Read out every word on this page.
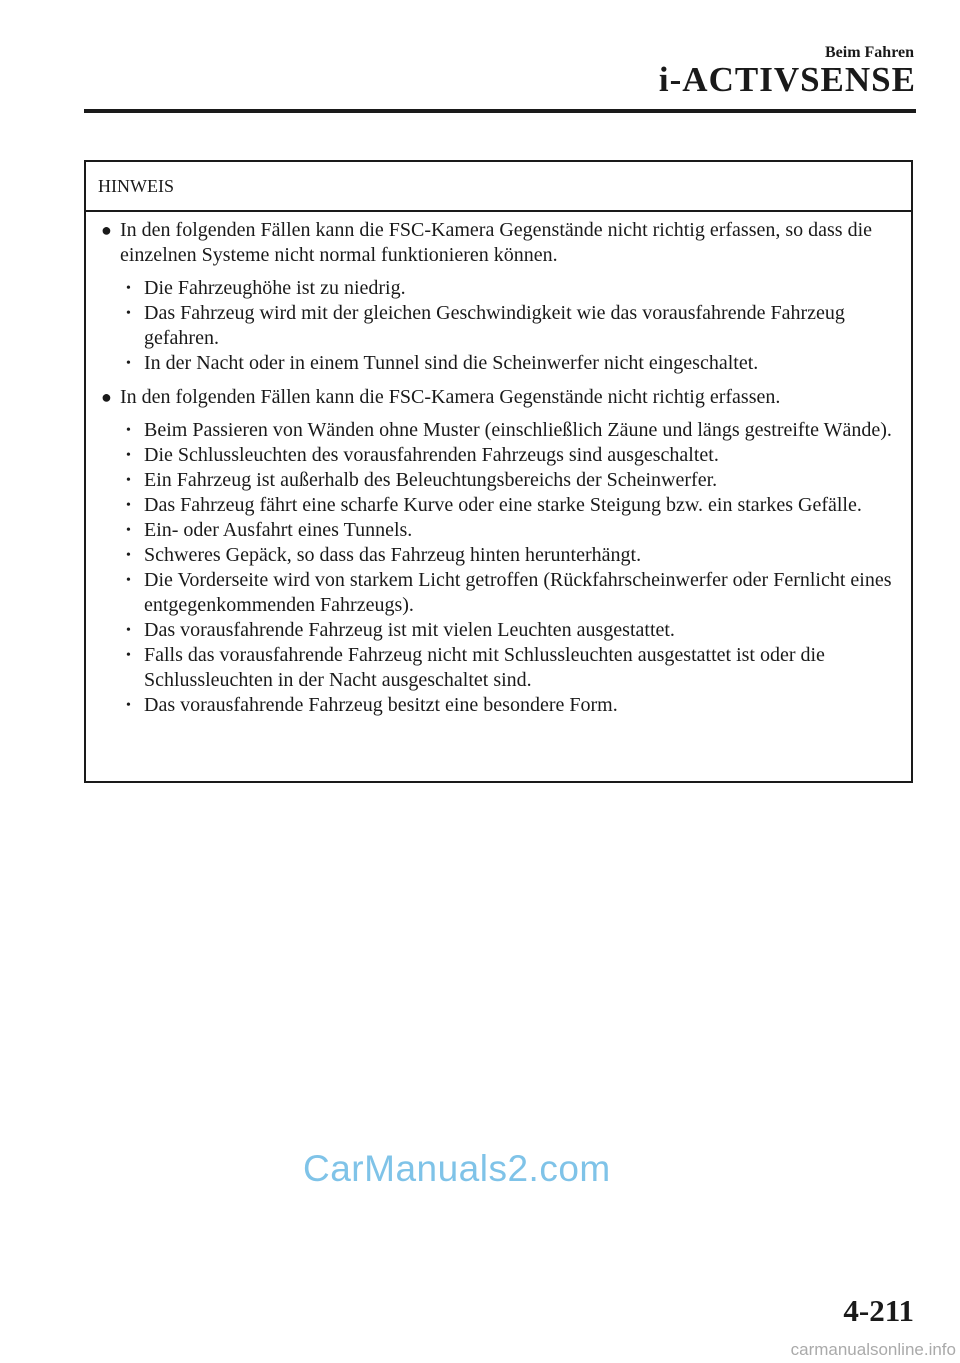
Beim Fahren
i-ACTIVSENSE
HINWEIS
● In den folgenden Fällen kann die FSC-Kamera Gegenstände nicht richtig erfassen, so dass die einzelnen Systeme nicht normal funktionieren können.
• Die Fahrzeughöhe ist zu niedrig.
• Das Fahrzeug wird mit der gleichen Geschwindigkeit wie das vorausfahrende Fahrzeug gefahren.
• In der Nacht oder in einem Tunnel sind die Scheinwerfer nicht eingeschaltet.
● In den folgenden Fällen kann die FSC-Kamera Gegenstände nicht richtig erfassen.
• Beim Passieren von Wänden ohne Muster (einschließlich Zäune und längs gestreifte Wände).
• Die Schlussleuchten des vorausfahrenden Fahrzeugs sind ausgeschaltet.
• Ein Fahrzeug ist außerhalb des Beleuchtungsbereichs der Scheinwerfer.
• Das Fahrzeug fährt eine scharfe Kurve oder eine starke Steigung bzw. ein starkes Gefälle.
• Ein- oder Ausfahrt eines Tunnels.
• Schweres Gepäck, so dass das Fahrzeug hinten herunterhängt.
• Die Vorderseite wird von starkem Licht getroffen (Rückfahrscheinwerfer oder Fernlicht eines entgegenkommenden Fahrzeugs).
• Das vorausfahrende Fahrzeug ist mit vielen Leuchten ausgestattet.
• Falls das vorausfahrende Fahrzeug nicht mit Schlussleuchten ausgestattet ist oder die Schlussleuchten in der Nacht ausgeschaltet sind.
• Das vorausfahrende Fahrzeug besitzt eine besondere Form.
CarManuals2.com
4-211
carmanualsonline.info
